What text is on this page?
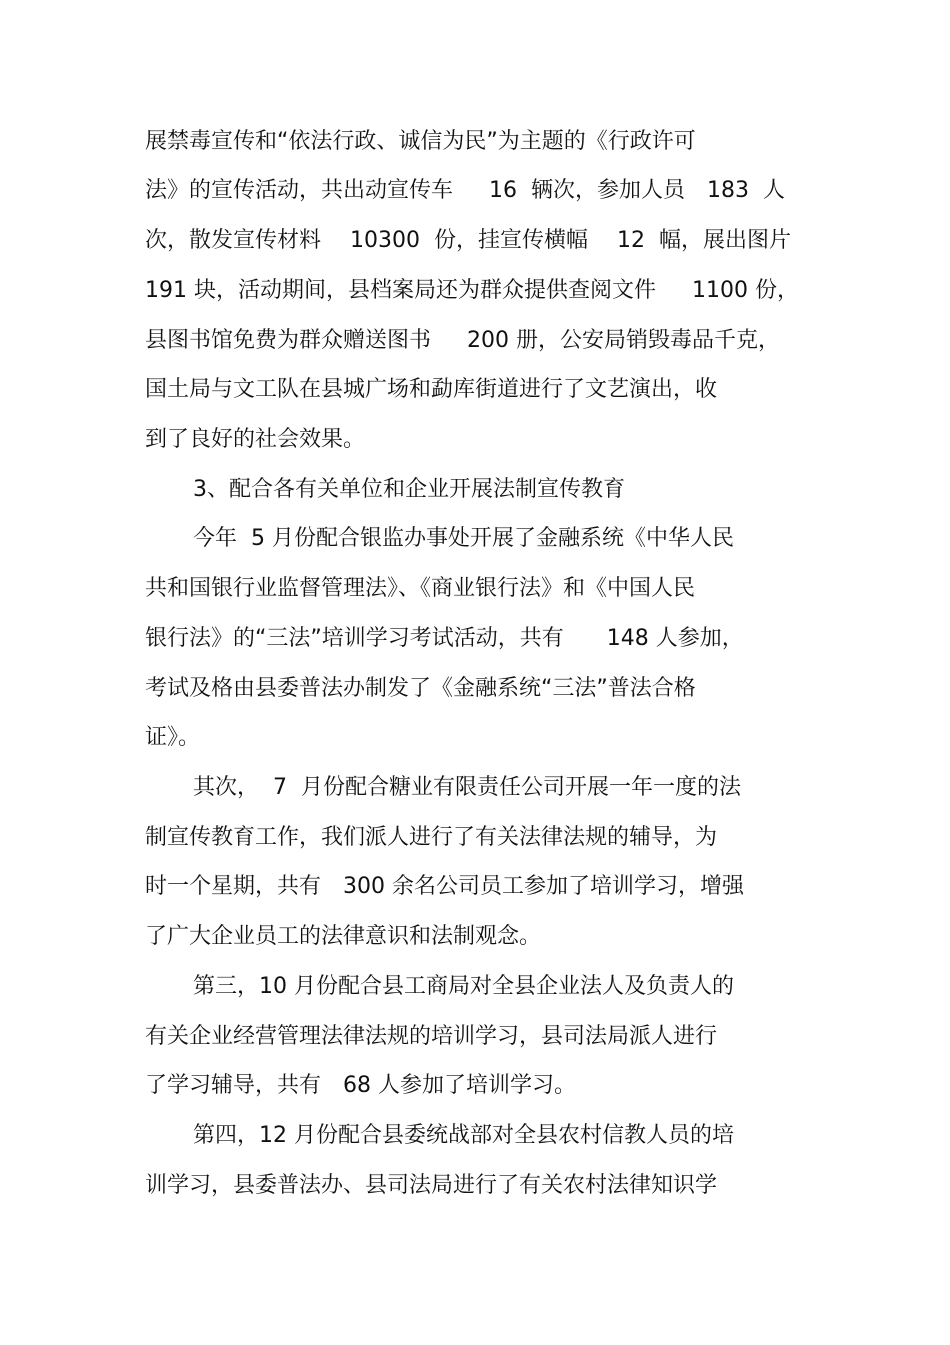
展禁毒宣传和“依法行政、诚信为民”为主题的《行政许可
法》的宣传活动，共出动宣传车　  16  辆次，参加人员　183  人
次，散发宣传材料　 10300  份，挂宣传横幅　 12  幅，展出图片
191 块，活动期间，县档案局还为群众提供查阅文件　  1100 份，
县图书馆免费为群众赠送图书　  200 册，公安局销毁毒品千克，
国土局与文工队在县城广场和勐库街道进行了文艺演出，收
到了良好的社会效果。
3、配合各有关单位和企业开展法制宣传教育
今年  5 月份配合银监办事处开展了金融系统《中华人民
共和国银行业监督管理法》、《商业银行法》和《中国人民
银行法》的“三法”培训学习考试活动，共有　   148 人参加，
考试及格由县委普法办制发了《金融系统“三法”普法合格
证》。
其次，  7  月份配合糖业有限责任公司开展一年一度的法
制宣传教育工作，我们派人进行了有关法律法规的辅导，为
时一个星期，共有　300 余名公司员工参加了培训学习，增强
了广大企业员工的法律意识和法制观念。
第三，10 月份配合县工商局对全县企业法人及负责人的
有关企业经营管理法律法规的培训学习，县司法局派人进行
了学习辅导，共有　68 人参加了培训学习。
第四，12 月份配合县委统战部对全县农村信教人员的培
训学习，县委普法办、县司法局进行了有关农村法律知识学
